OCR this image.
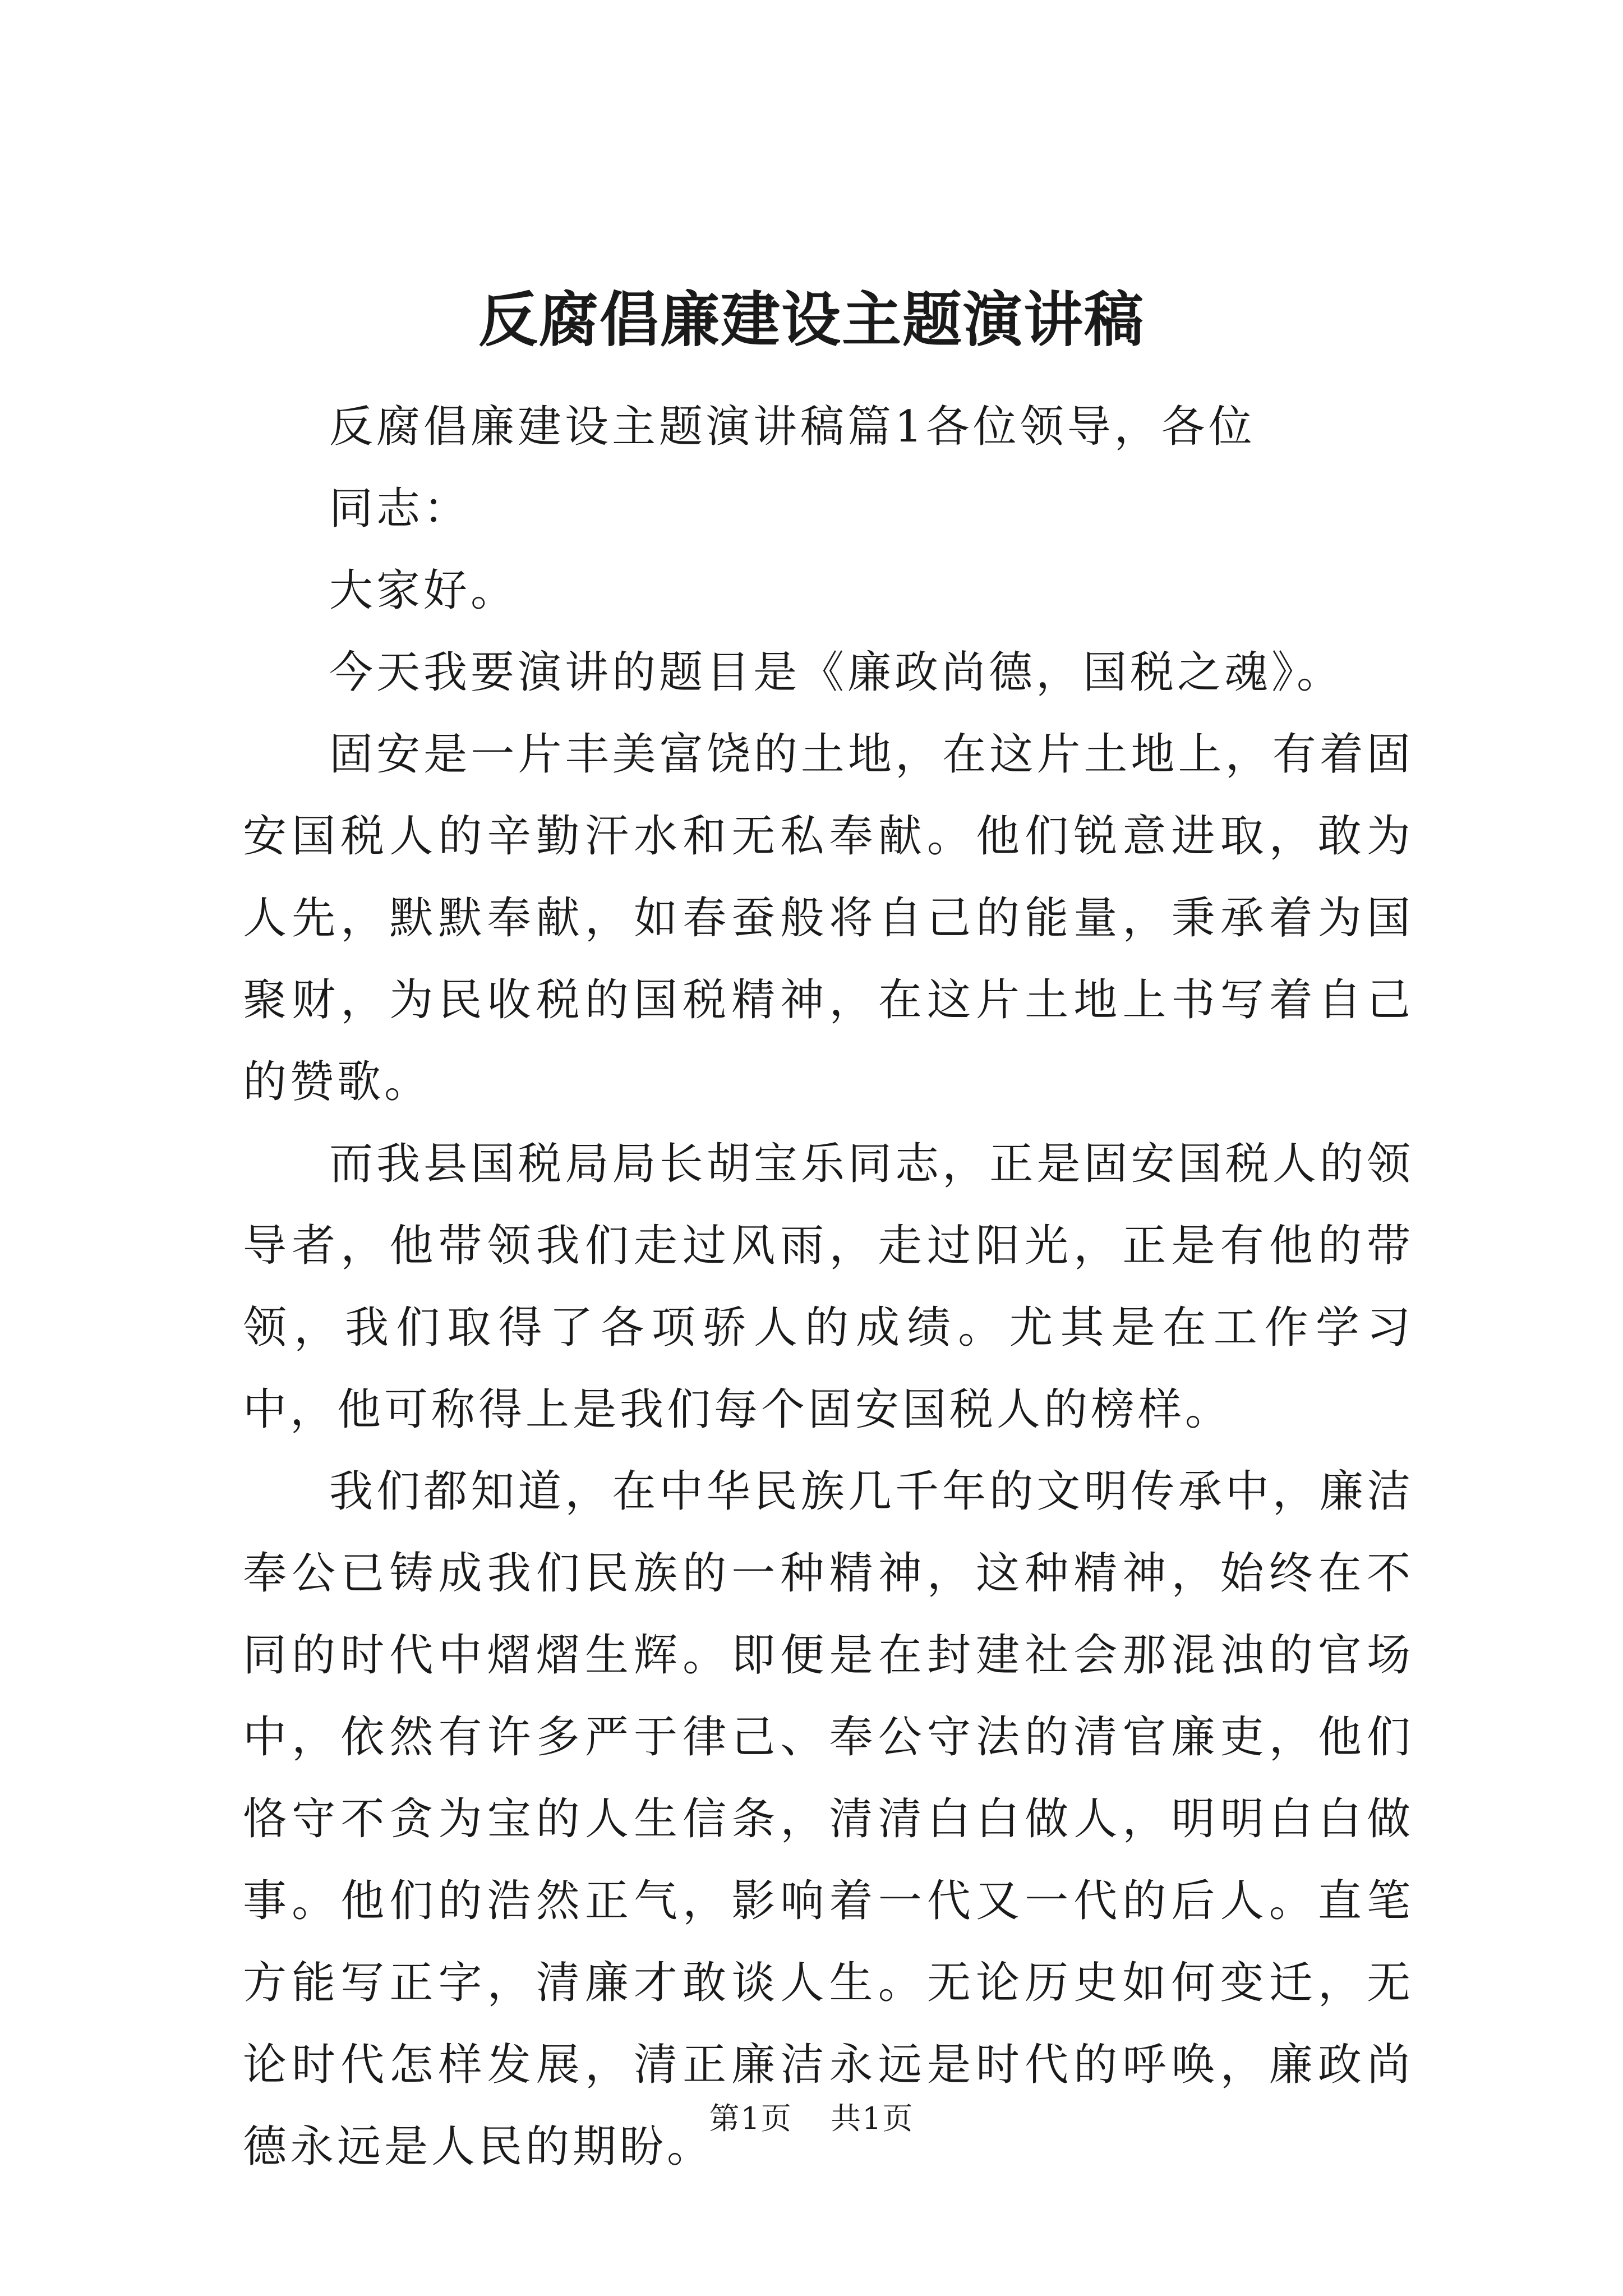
反腐倡廉建设主题演讲稿

反腐倡廉建设主题演讲稿篇1各位领导，各位

同志：

大家好。

今天我要演讲的题目是《廉政尚德，国税之魂》。

固安是一片丰美富饶的土地，在这片土地上，有着固安国税人的辛勤汗水和无私奉献。他们锐意进取，敢为人先，默默奉献，如春蚕般将自己的能量，秉承着为国聚财，为民收税的国税精神，在这片土地上书写着自己的赞歌。

而我县国税局局长胡宝乐同志，正是固安国税人的领导者，他带领我们走过风雨，走过阳光，正是有他的带领，我们取得了各项骄人的成绩。尤其是在工作学习中，他可称得上是我们每个固安国税人的榜样。

我们都知道，在中华民族几千年的文明传承中，廉洁奉公已铸成我们民族的一种精神，这种精神，始终在不同的时代中熠熠生辉。即便是在封建社会那混浊的官场中，依然有许多严于律己、奉公守法的清官廉吏，他们恪守不贪为宝的人生信条，清清白白做人，明明白白做事。他们的浩然正气，影响着一代又一代的后人。直笔方能写正字，清廉才敢谈人生。无论历史如何变迁，无论时代怎样发展，清正廉洁永远是时代的呼唤，廉政尚德永远是人民的期盼。

第1页 共1页
